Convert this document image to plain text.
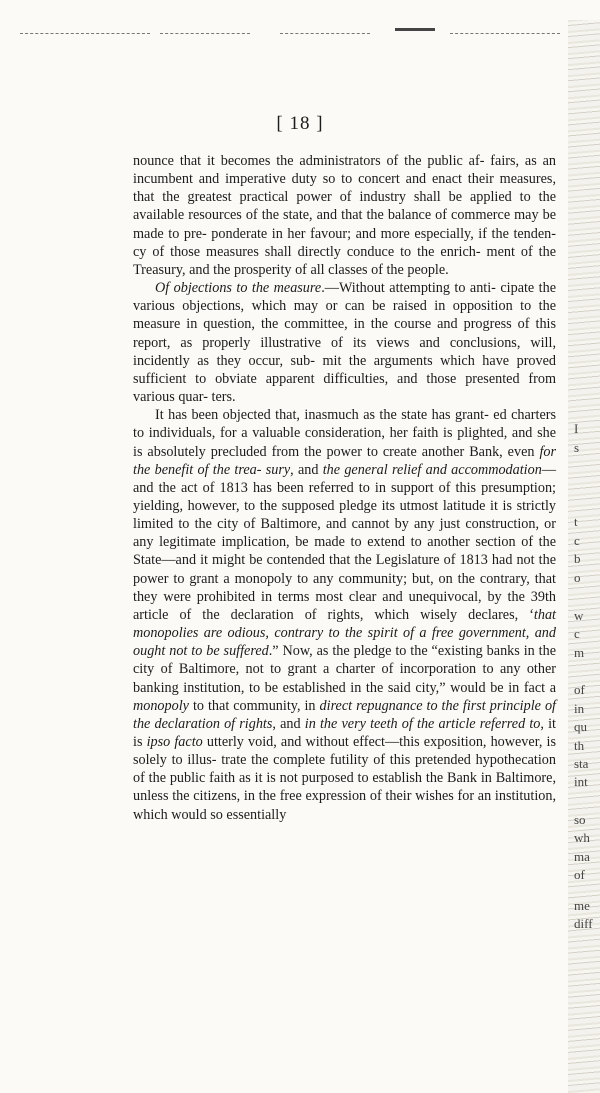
I
s
t
c
b
o
w
c
m
of
in
qu
th
sta
int
so
wh
ma
of
me
diff
[ 18 ]

nounce that it becomes the administrators of the public af- fairs, as an incumbent and imperative duty so to concert and enact their measures, that the greatest practical power of industry shall be applied to the available resources of the state, and that the balance of commerce may be made to pre- ponderate in her favour; and more especially, if the tenden- cy of those measures shall directly conduce to the enrich- ment of the Treasury, and the prosperity of all classes of the people.

Of objections to the measure.—Without attempting to anti- cipate the various objections, which may or can be raised in opposition to the measure in question, the committee, in the course and progress of this report, as properly illustrative of its views and conclusions, will, incidently as they occur, sub- mit the arguments which have proved sufficient to obviate apparent difficulties, and those presented from various quar- ters.

It has been objected that, inasmuch as the state has grant- ed charters to individuals, for a valuable consideration, her faith is plighted, and she is absolutely precluded from the power to create another Bank, even for the benefit of the trea- sury, and the general relief and accommodation—and the act of 1813 has been referred to in support of this presumption; yielding, however, to the supposed pledge its utmost latitude it is strictly limited to the city of Baltimore, and cannot by any just construction, or any legitimate implication, be made to extend to another section of the State—and it might be contended that the Legislature of 1813 had not the power to grant a monopoly to any community; but, on the contrary, that they were prohibited in terms most clear and unequivocal, by the 39th article of the declaration of rights, which wisely declares, ‘that monopolies are odious, contrary to the spirit of a free government, and ought not to be suffered.” Now, as the pledge to the “existing banks in the city of Baltimore, not to grant a charter of incorporation to any other banking institution, to be established in the said city,” would be in fact a monopoly to that community, in direct repugnance to the first principle of the declaration of rights, and in the very teeth of the article referred to, it is ipso facto utterly void, and without effect—this exposition, however, is solely to illus- trate the complete futility of this pretended hypothecation of the public faith as it is not purposed to establish the Bank in Baltimore, unless the citizens, in the free expression of their wishes for an institution, which would so essentially
